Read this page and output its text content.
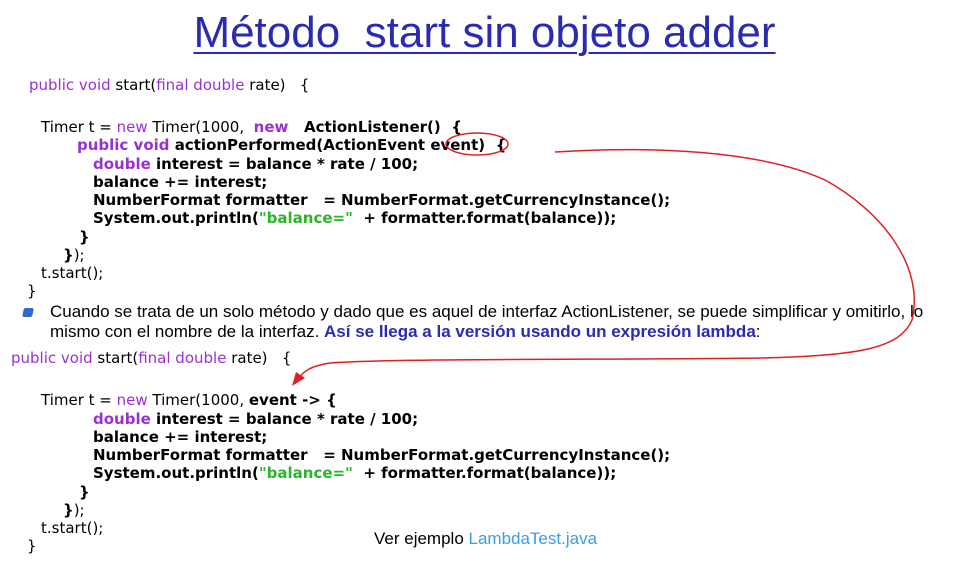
Método  start sin objeto adder
public void start(final double rate)   {
Timer t = new Timer(1000,  new   ActionListener()  {
public void actionPerformed(ActionEvent event)  {
double interest = balance * rate / 100;
balance += interest;
NumberFormat formatter   = NumberFormat.getCurrencyInstance();
System.out.println("balance="  + formatter.format(balance));
}
});
t.start();
}
Cuando se trata de un solo método y dado que es aquel de interfaz ActionListener, se puede simplificar y omitirlo, lo mismo con el nombre de la interfaz. Así se llega a la versión usando un expresión lambda:
public void start(final double rate)   {
Timer t = new Timer(1000, event -> {
double interest = balance * rate / 100;
balance += interest;
NumberFormat formatter   = NumberFormat.getCurrencyInstance();
System.out.println("balance="  + formatter.format(balance));
}
});
t.start();
}	Ver ejemplo LambdaTest.java
